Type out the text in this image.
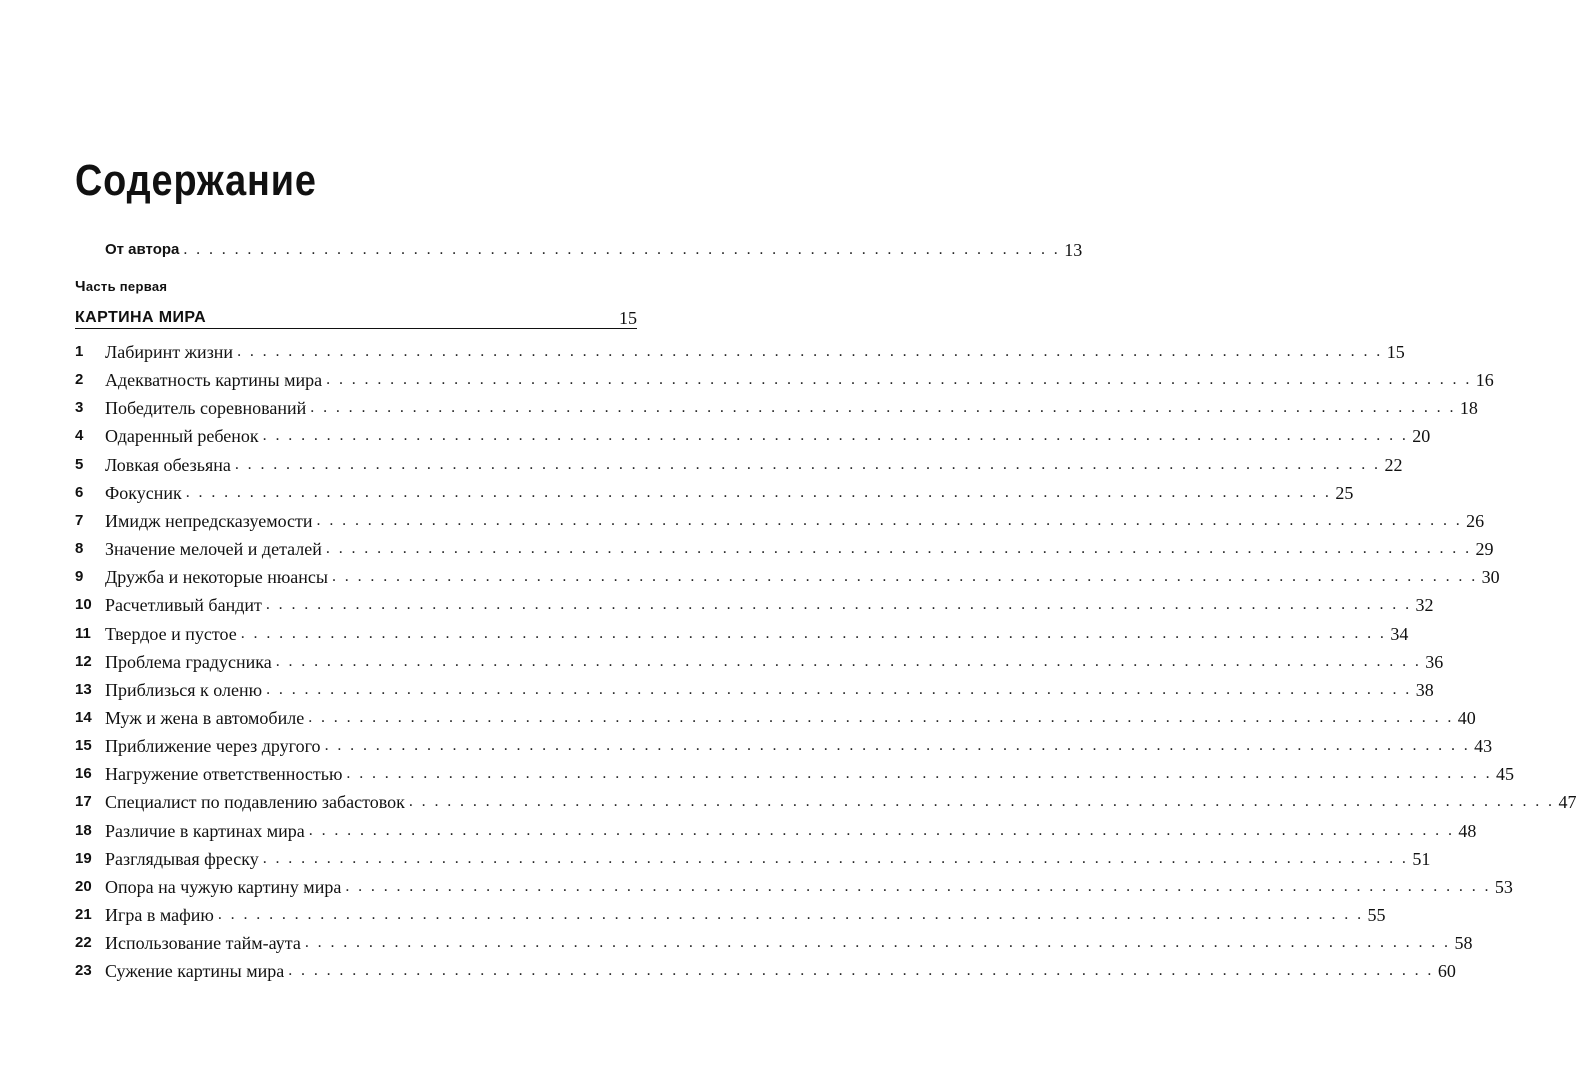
Содержание
От автора . . . . . . . . . . . . . . . . . . . . . . . . . . . . . . . . . . . . . . . . . . . . . . . . . . . . . . . . . . . . . . . . . . . . . 13
Часть первая
КАРТИНА МИРА	15
1	Лабиринт жизни . . . . . . . . . . . . . . . . . . . . . . . . . . . . . . . . . . . . . . . . . . . . . . . . . . . . . . . . . . . . . . . . . . . . . . . . . . . . . . . . . . . . . . . . . . 15
2	Адекватность картины мира . . . . . . . . . . . . . . . . . . . . . . . . . . . . . . . . . . . . . . . . . . . . . . . . . . . . . . . . . . . . . . . . . . . . . . . . . . . . . . . . . . . . . . . . . . 16
3	Победитель соревнований . . . . . . . . . . . . . . . . . . . . . . . . . . . . . . . . . . . . . . . . . . . . . . . . . . . . . . . . . . . . . . . . . . . . . . . . . . . . . . . . . . . . . . . . . . 18
4	Одаренный ребенок . . . . . . . . . . . . . . . . . . . . . . . . . . . . . . . . . . . . . . . . . . . . . . . . . . . . . . . . . . . . . . . . . . . . . . . . . . . . . . . . . . . . . . . . . . 20
5	Ловкая обезьяна . . . . . . . . . . . . . . . . . . . . . . . . . . . . . . . . . . . . . . . . . . . . . . . . . . . . . . . . . . . . . . . . . . . . . . . . . . . . . . . . . . . . . . . . . . 22
6	Фокусник . . . . . . . . . . . . . . . . . . . . . . . . . . . . . . . . . . . . . . . . . . . . . . . . . . . . . . . . . . . . . . . . . . . . . . . . . . . . . . . . . . . . . . . . . . 25
7	Имидж непредсказуемости . . . . . . . . . . . . . . . . . . . . . . . . . . . . . . . . . . . . . . . . . . . . . . . . . . . . . . . . . . . . . . . . . . . . . . . . . . . . . . . . . . . . . . . . . . 26
8	Значение мелочей и деталей . . . . . . . . . . . . . . . . . . . . . . . . . . . . . . . . . . . . . . . . . . . . . . . . . . . . . . . . . . . . . . . . . . . . . . . . . . . . . . . . . . . . . . . . . . 29
9	Дружба и некоторые нюансы . . . . . . . . . . . . . . . . . . . . . . . . . . . . . . . . . . . . . . . . . . . . . . . . . . . . . . . . . . . . . . . . . . . . . . . . . . . . . . . . . . . . . . . . . . 30
10 Расчетливый бандит . . . . . . . . . . . . . . . . . . . . . . . . . . . . . . . . . . . . . . . . . . . . . . . . . . . . . . . . . . . . . . . . . . . . . . . . . . . . . . . . . . . . . . . . . . 32
11 Твердое и пустое . . . . . . . . . . . . . . . . . . . . . . . . . . . . . . . . . . . . . . . . . . . . . . . . . . . . . . . . . . . . . . . . . . . . . . . . . . . . . . . . . . . . . . . . . . 34
12 Проблема градусника . . . . . . . . . . . . . . . . . . . . . . . . . . . . . . . . . . . . . . . . . . . . . . . . . . . . . . . . . . . . . . . . . . . . . . . . . . . . . . . . . . . . . . . . . . 36
13 Приблизься к оленю . . . . . . . . . . . . . . . . . . . . . . . . . . . . . . . . . . . . . . . . . . . . . . . . . . . . . . . . . . . . . . . . . . . . . . . . . . . . . . . . . . . . . . . . . . 38
14 Муж и жена в автомобиле . . . . . . . . . . . . . . . . . . . . . . . . . . . . . . . . . . . . . . . . . . . . . . . . . . . . . . . . . . . . . . . . . . . . . . . . . . . . . . . . . . . . . . . . . . 40
15 Приближение через другого . . . . . . . . . . . . . . . . . . . . . . . . . . . . . . . . . . . . . . . . . . . . . . . . . . . . . . . . . . . . . . . . . . . . . . . . . . . . . . . . . . . . . . . . . . 43
16 Нагружение ответственностью . . . . . . . . . . . . . . . . . . . . . . . . . . . . . . . . . . . . . . . . . . . . . . . . . . . . . . . . . . . . . . . . . . . . . . . . . . . . . . . . . . . . . . . . . . 45
17 Специалист по подавлению забастовок . . . . . . . . . . . . . . . . . . . . . . . . . . . . . . . . . . . . . . . . . . . . . . . . . . . . . . . . . . . . . . . . . . . . . . . . . . . . . . . . . . . . . . . . . . 47
18 Различие в картинах мира . . . . . . . . . . . . . . . . . . . . . . . . . . . . . . . . . . . . . . . . . . . . . . . . . . . . . . . . . . . . . . . . . . . . . . . . . . . . . . . . . . . . . . . . . . 48
19 Разглядывая фреску . . . . . . . . . . . . . . . . . . . . . . . . . . . . . . . . . . . . . . . . . . . . . . . . . . . . . . . . . . . . . . . . . . . . . . . . . . . . . . . . . . . . . . . . . . 51
20 Опора на чужую картину мира . . . . . . . . . . . . . . . . . . . . . . . . . . . . . . . . . . . . . . . . . . . . . . . . . . . . . . . . . . . . . . . . . . . . . . . . . . . . . . . . . . . . . . . . . . 53
21 Игра в мафию . . . . . . . . . . . . . . . . . . . . . . . . . . . . . . . . . . . . . . . . . . . . . . . . . . . . . . . . . . . . . . . . . . . . . . . . . . . . . . . . . . . . . . . . . . 55
22 Использование тайм-аута . . . . . . . . . . . . . . . . . . . . . . . . . . . . . . . . . . . . . . . . . . . . . . . . . . . . . . . . . . . . . . . . . . . . . . . . . . . . . . . . . . . . . . . . . . 58
23 Сужение картины мира . . . . . . . . . . . . . . . . . . . . . . . . . . . . . . . . . . . . . . . . . . . . . . . . . . . . . . . . . . . . . . . . . . . . . . . . . . . . . . . . . . . . . . . . . . 60
